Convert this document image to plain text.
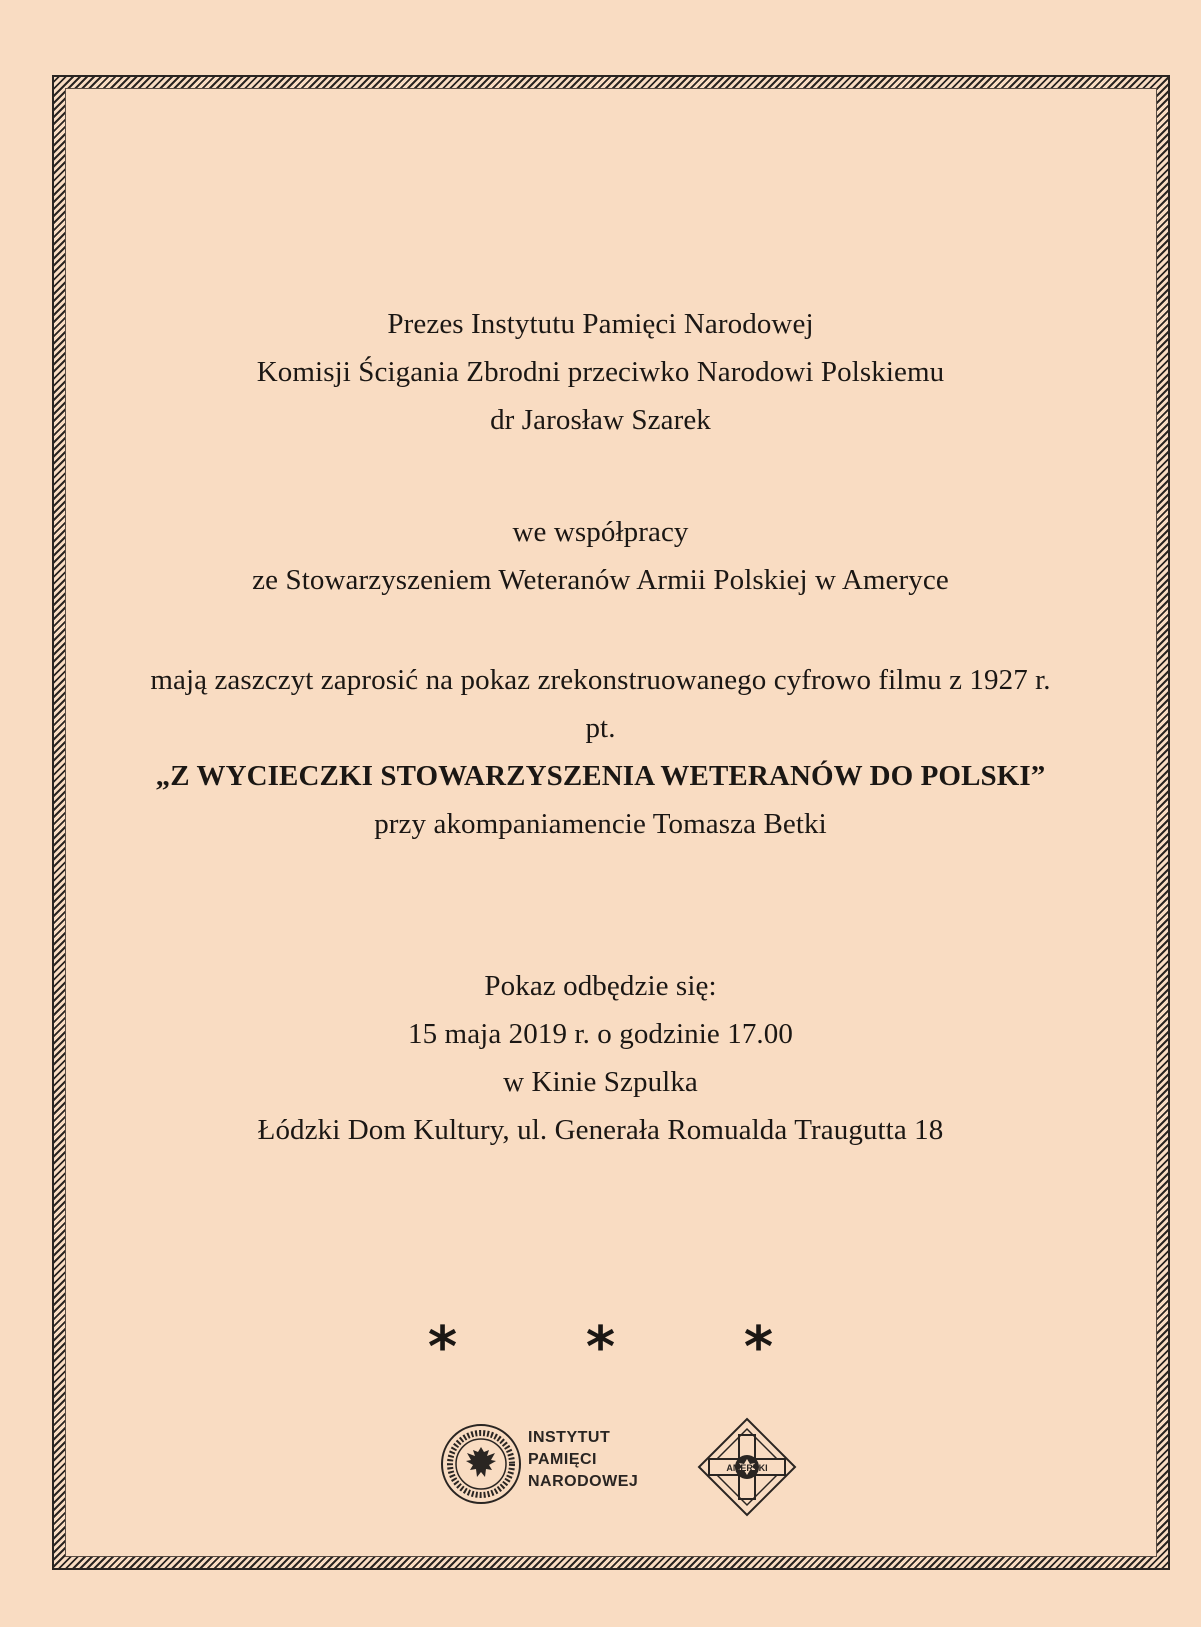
Prezes Instytutu Pamięci Narodowej
Komisji Ścigania Zbrodni przeciwko Narodowi Polskiemu
dr Jarosław Szarek
we współpracy
ze Stowarzyszeniem Weteranów Armii Polskiej w Ameryce
mają zaszczyt zaprosić na pokaz zrekonstruowanego cyfrowo filmu z 1927 r.
pt.
„Z WYCIECZKI STOWARZYSZENIA WETERANÓW DO POLSKI”
przy akompaniamencie Tomasza Betki
Pokaz odbędzie się:
15 maja 2019 r. o godzinie 17.00
w Kinie Szpulka
Łódzki Dom Kultury, ul. Generała Romualda Traugutta 18
* * *
INSTYTUT
PAMIĘCI
NARODOWEJ
AMERYKI
